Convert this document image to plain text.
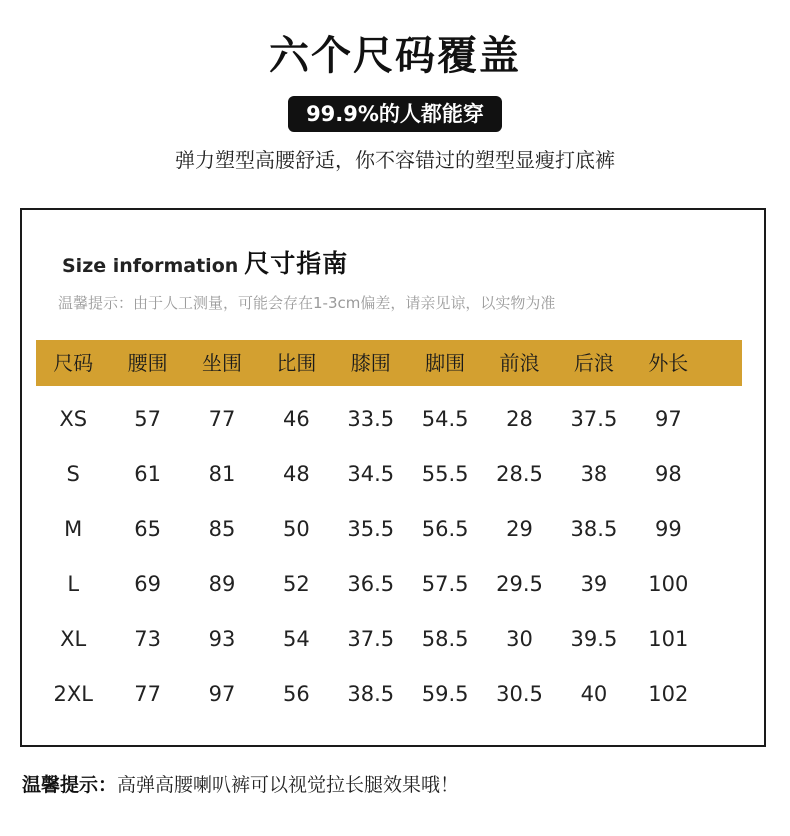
六个尺码覆盖
99.9%的人都能穿
弹力塑型高腰舒适，你不容错过的塑型显瘦打底裤
Size information 尺寸指南
温馨提示：由于人工测量，可能会存在1-3cm偏差，请亲见谅，以实物为准
尺码	腰围	坐围	比围	膝围	脚围	前浪	后浪	外长
XS	57	77	46	33.5	54.5	28	37.5	97
S	61	81	48	34.5	55.5	28.5	38	98
M	65	85	50	35.5	56.5	29	38.5	99
L	69	89	52	36.5	57.5	29.5	39	100
XL	73	93	54	37.5	58.5	30	39.5	101
2XL	77	97	56	38.5	59.5	30.5	40	102
温馨提示：高弹高腰喇叭裤可以视觉拉长腿效果哦！
